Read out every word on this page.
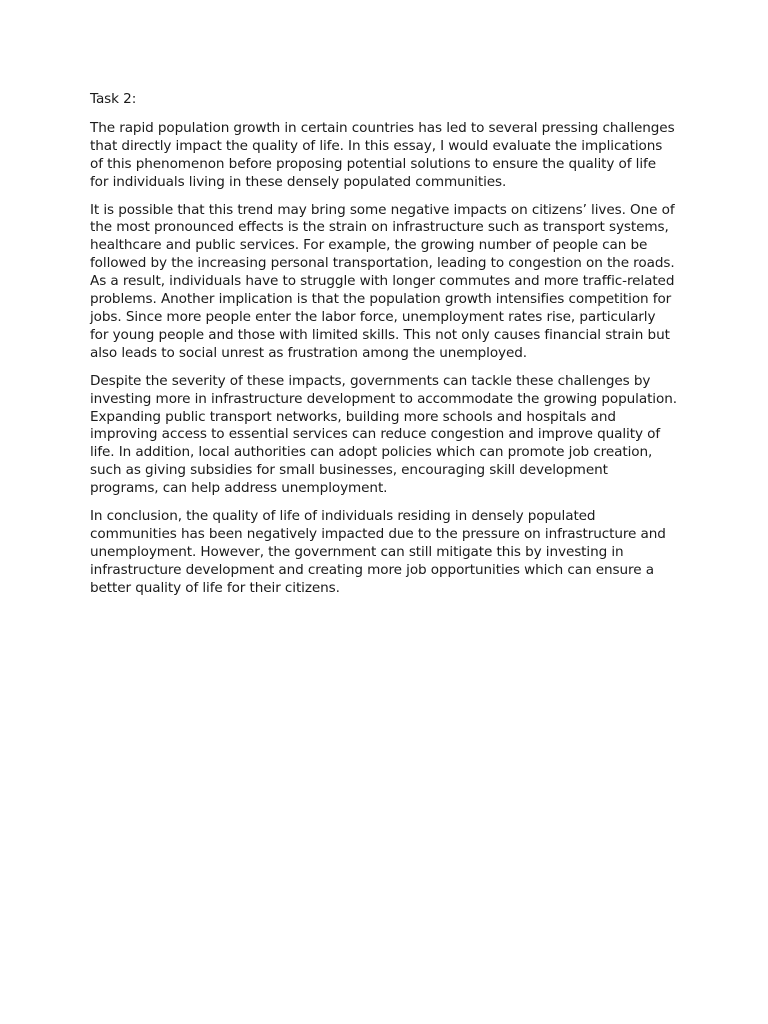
Task 2:

The rapid population growth in certain countries has led to several pressing challenges that directly impact the quality of life. In this essay, I would evaluate the implications of this phenomenon before proposing potential solutions to ensure the quality of life for individuals living in these densely populated communities.

It is possible that this trend may bring some negative impacts on citizens’ lives. One of the most pronounced effects is the strain on infrastructure such as transport systems, healthcare and public services. For example, the growing number of people can be followed by the increasing personal transportation, leading to congestion on the roads. As a result, individuals have to struggle with longer commutes and more traffic-related problems. Another implication is that the population growth intensifies competition for jobs. Since more people enter the labor force, unemployment rates rise, particularly for young people and those with limited skills. This not only causes financial strain but also leads to social unrest as frustration among the unemployed.

Despite the severity of these impacts, governments can tackle these challenges by investing more in infrastructure development to accommodate the growing population. Expanding public transport networks, building more schools and hospitals and improving access to essential services can reduce congestion and improve quality of life. In addition, local authorities can adopt policies which can promote job creation, such as giving subsidies for small businesses, encouraging skill development programs, can help address unemployment.

In conclusion, the quality of life of individuals residing in densely populated communities has been negatively impacted due to the pressure on infrastructure and unemployment. However, the government can still mitigate this by investing in infrastructure development and creating more job opportunities which can ensure a better quality of life for their citizens.
